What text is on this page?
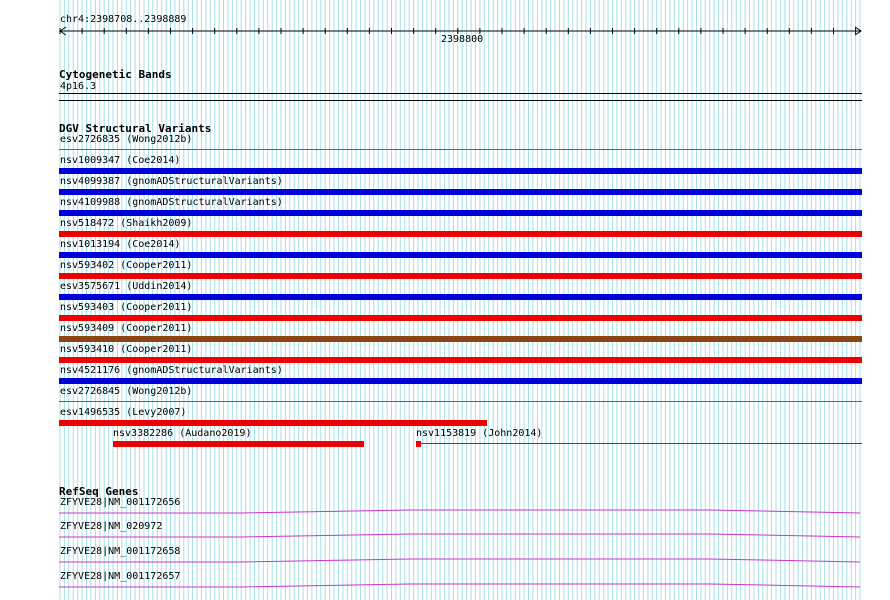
chr4:2398708..2398889
2398800
Cytogenetic Bands
4p16.3
DGV Structural Variants
esv2726835 (Wong2012b)
nsv1009347 (Coe2014)
nsv4099387 (gnomADStructuralVariants)
nsv4109988 (gnomADStructuralVariants)
nsv518472 (Shaikh2009)
nsv1013194 (Coe2014)
nsv593402 (Cooper2011)
esv3575671 (Uddin2014)
nsv593403 (Cooper2011)
nsv593409 (Cooper2011)
nsv593410 (Cooper2011)
nsv4521176 (gnomADStructuralVariants)
esv2726845 (Wong2012b)
esv1496535 (Levy2007)
nsv3382286 (Audano2019)	nsv1153819 (John2014)
RefSeq Genes
ZFYVE28|NM_001172656
ZFYVE28|NM_020972
ZFYVE28|NM_001172658
ZFYVE28|NM_001172657
